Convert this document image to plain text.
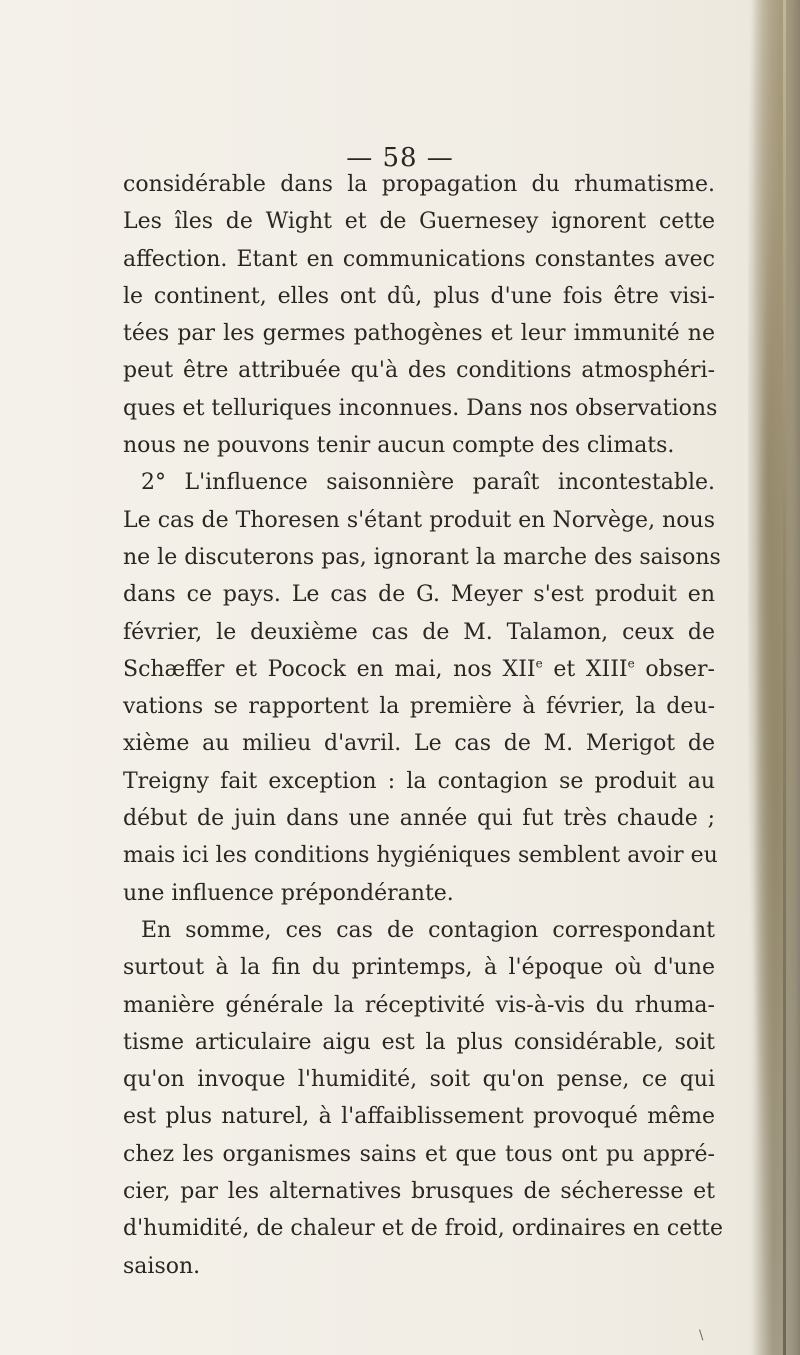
— 58 —
considérable dans la propagation du rhumatisme.
Les îles de Wight et de Guernesey ignorent cette
affection. Etant en communications constantes avec
le continent, elles ont dû, plus d'une fois être visi-
tées par les germes pathogènes et leur immunité ne
peut être attribuée qu'à des conditions atmosphéri-
ques et telluriques inconnues. Dans nos observations
nous ne pouvons tenir aucun compte des climats.
2° L'influence saisonnière paraît incontestable.
Le cas de Thoresen s'étant produit en Norvège, nous
ne le discuterons pas, ignorant la marche des saisons
dans ce pays. Le cas de G. Meyer s'est produit en
février, le deuxième cas de M. Talamon, ceux de
Schæffer et Pocock en mai, nos XIIe et XIIIe obser-
vations se rapportent la première à février, la deu-
xième au milieu d'avril. Le cas de M. Merigot de
Treigny fait exception : la contagion se produit au
début de juin dans une année qui fut très chaude ;
mais ici les conditions hygiéniques semblent avoir eu
une influence prépondérante.
En somme, ces cas de contagion correspondant
surtout à la fin du printemps, à l'époque où d'une
manière générale la réceptivité vis-à-vis du rhuma-
tisme articulaire aigu est la plus considérable, soit
qu'on invoque l'humidité, soit qu'on pense, ce qui
est plus naturel, à l'affaiblissement provoqué même
chez les organismes sains et que tous ont pu appré-
cier, par les alternatives brusques de sécheresse et
d'humidité, de chaleur et de froid, ordinaires en cette
saison.
\
